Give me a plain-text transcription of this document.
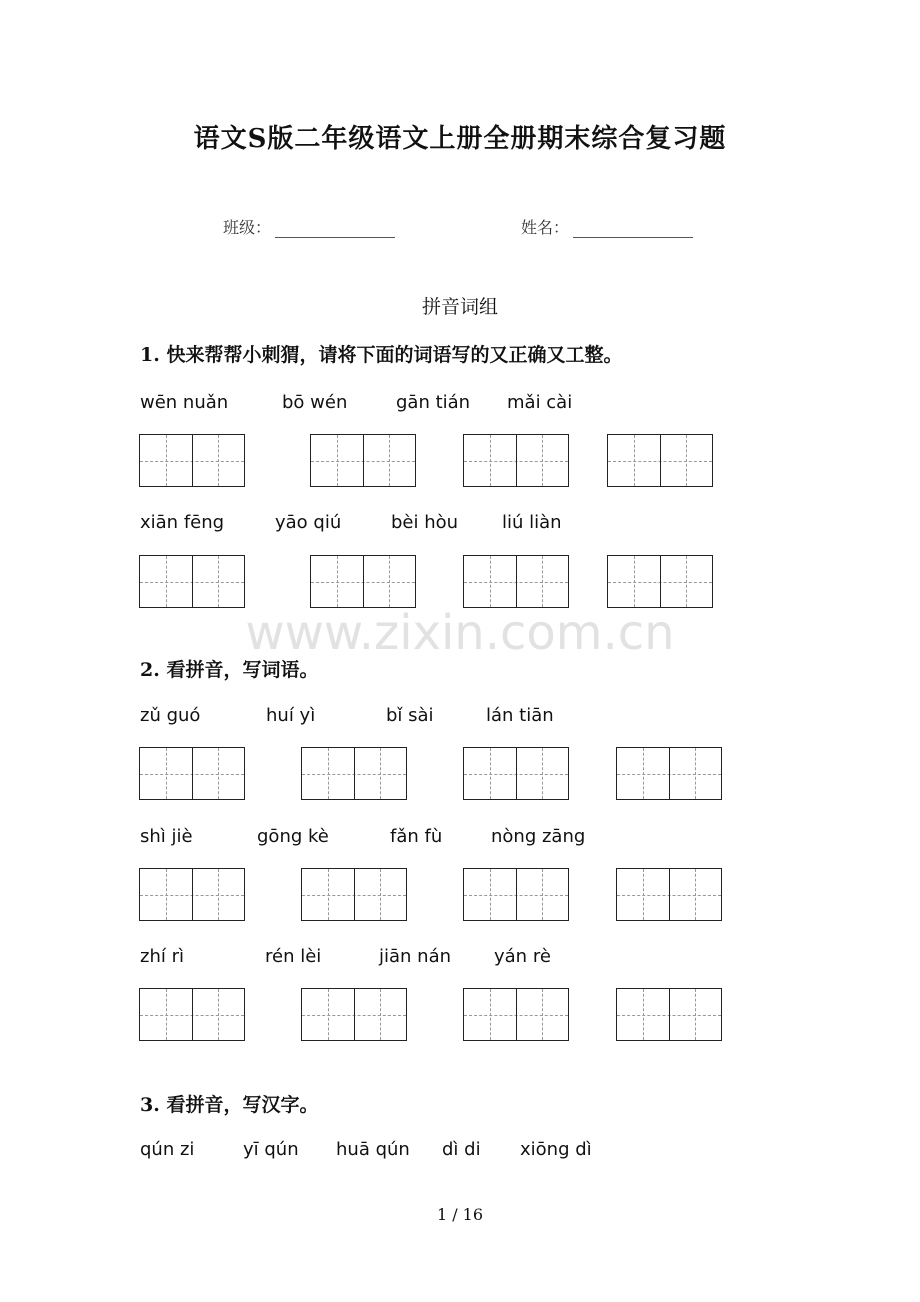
语文S版二年级语文上册全册期末综合复习题
班级：	姓名：
拼音词组
1. 快来帮帮小刺猬，请将下面的词语写的又正确又工整。
wēn nuǎn	bō wén	gān tián mǎi cài
xiān fēng	yāo qiú	bèi hòu liú liàn
www.zixin.com.cn
2. 看拼音，写词语。
zǔ guó	huí yì	bǐ sài	lán tiān
shì jiè	gōng kè	fǎn fù	nòng zāng
zhí rì	rén lèi	jiān nán yán rè
3. 看拼音，写汉字。
qún zi	yī qún huā qún dì di xiōng dì
1 / 16
